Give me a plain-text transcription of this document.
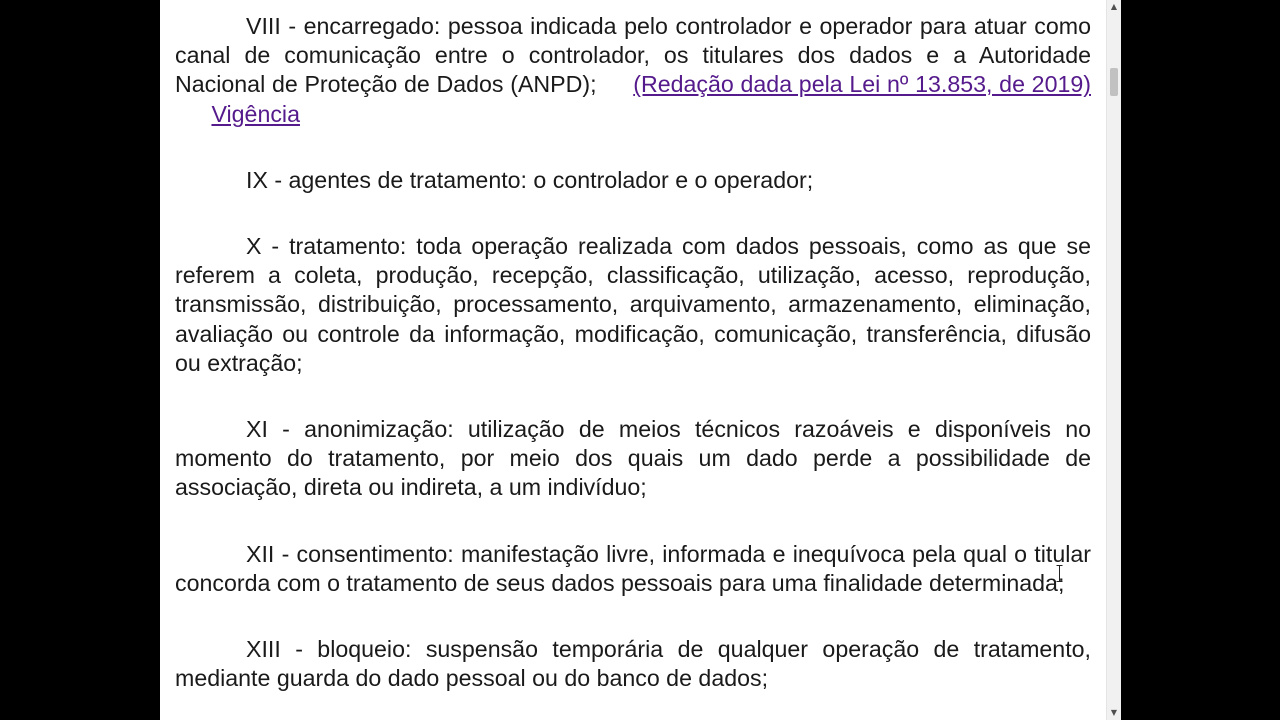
VIII - encarregado: pessoa indicada pelo controlador e operador para atuar como canal de comunicação entre o controlador, os titulares dos dados e a Autoridade Nacional de Proteção de Dados (ANPD); (Redação dada pela Lei nº 13.853, de 2019) Vigência

IX - agentes de tratamento: o controlador e o operador;

X - tratamento: toda operação realizada com dados pessoais, como as que se referem a coleta, produção, recepção, classificação, utilização, acesso, reprodução, transmissão, distribuição, processamento, arquivamento, armazenamento, eliminação, avaliação ou controle da informação, modificação, comunicação, transferência, difusão ou extração;

XI - anonimização: utilização de meios técnicos razoáveis e disponíveis no momento do tratamento, por meio dos quais um dado perde a possibilidade de associação, direta ou indireta, a um indivíduo;

XII - consentimento: manifestação livre, informada e inequívoca pela qual o titular concorda com o tratamento de seus dados pessoais para uma finalidade determinada;

XIII - bloqueio: suspensão temporária de qualquer operação de tratamento, mediante guarda do dado pessoal ou do banco de dados;

▲
▼
